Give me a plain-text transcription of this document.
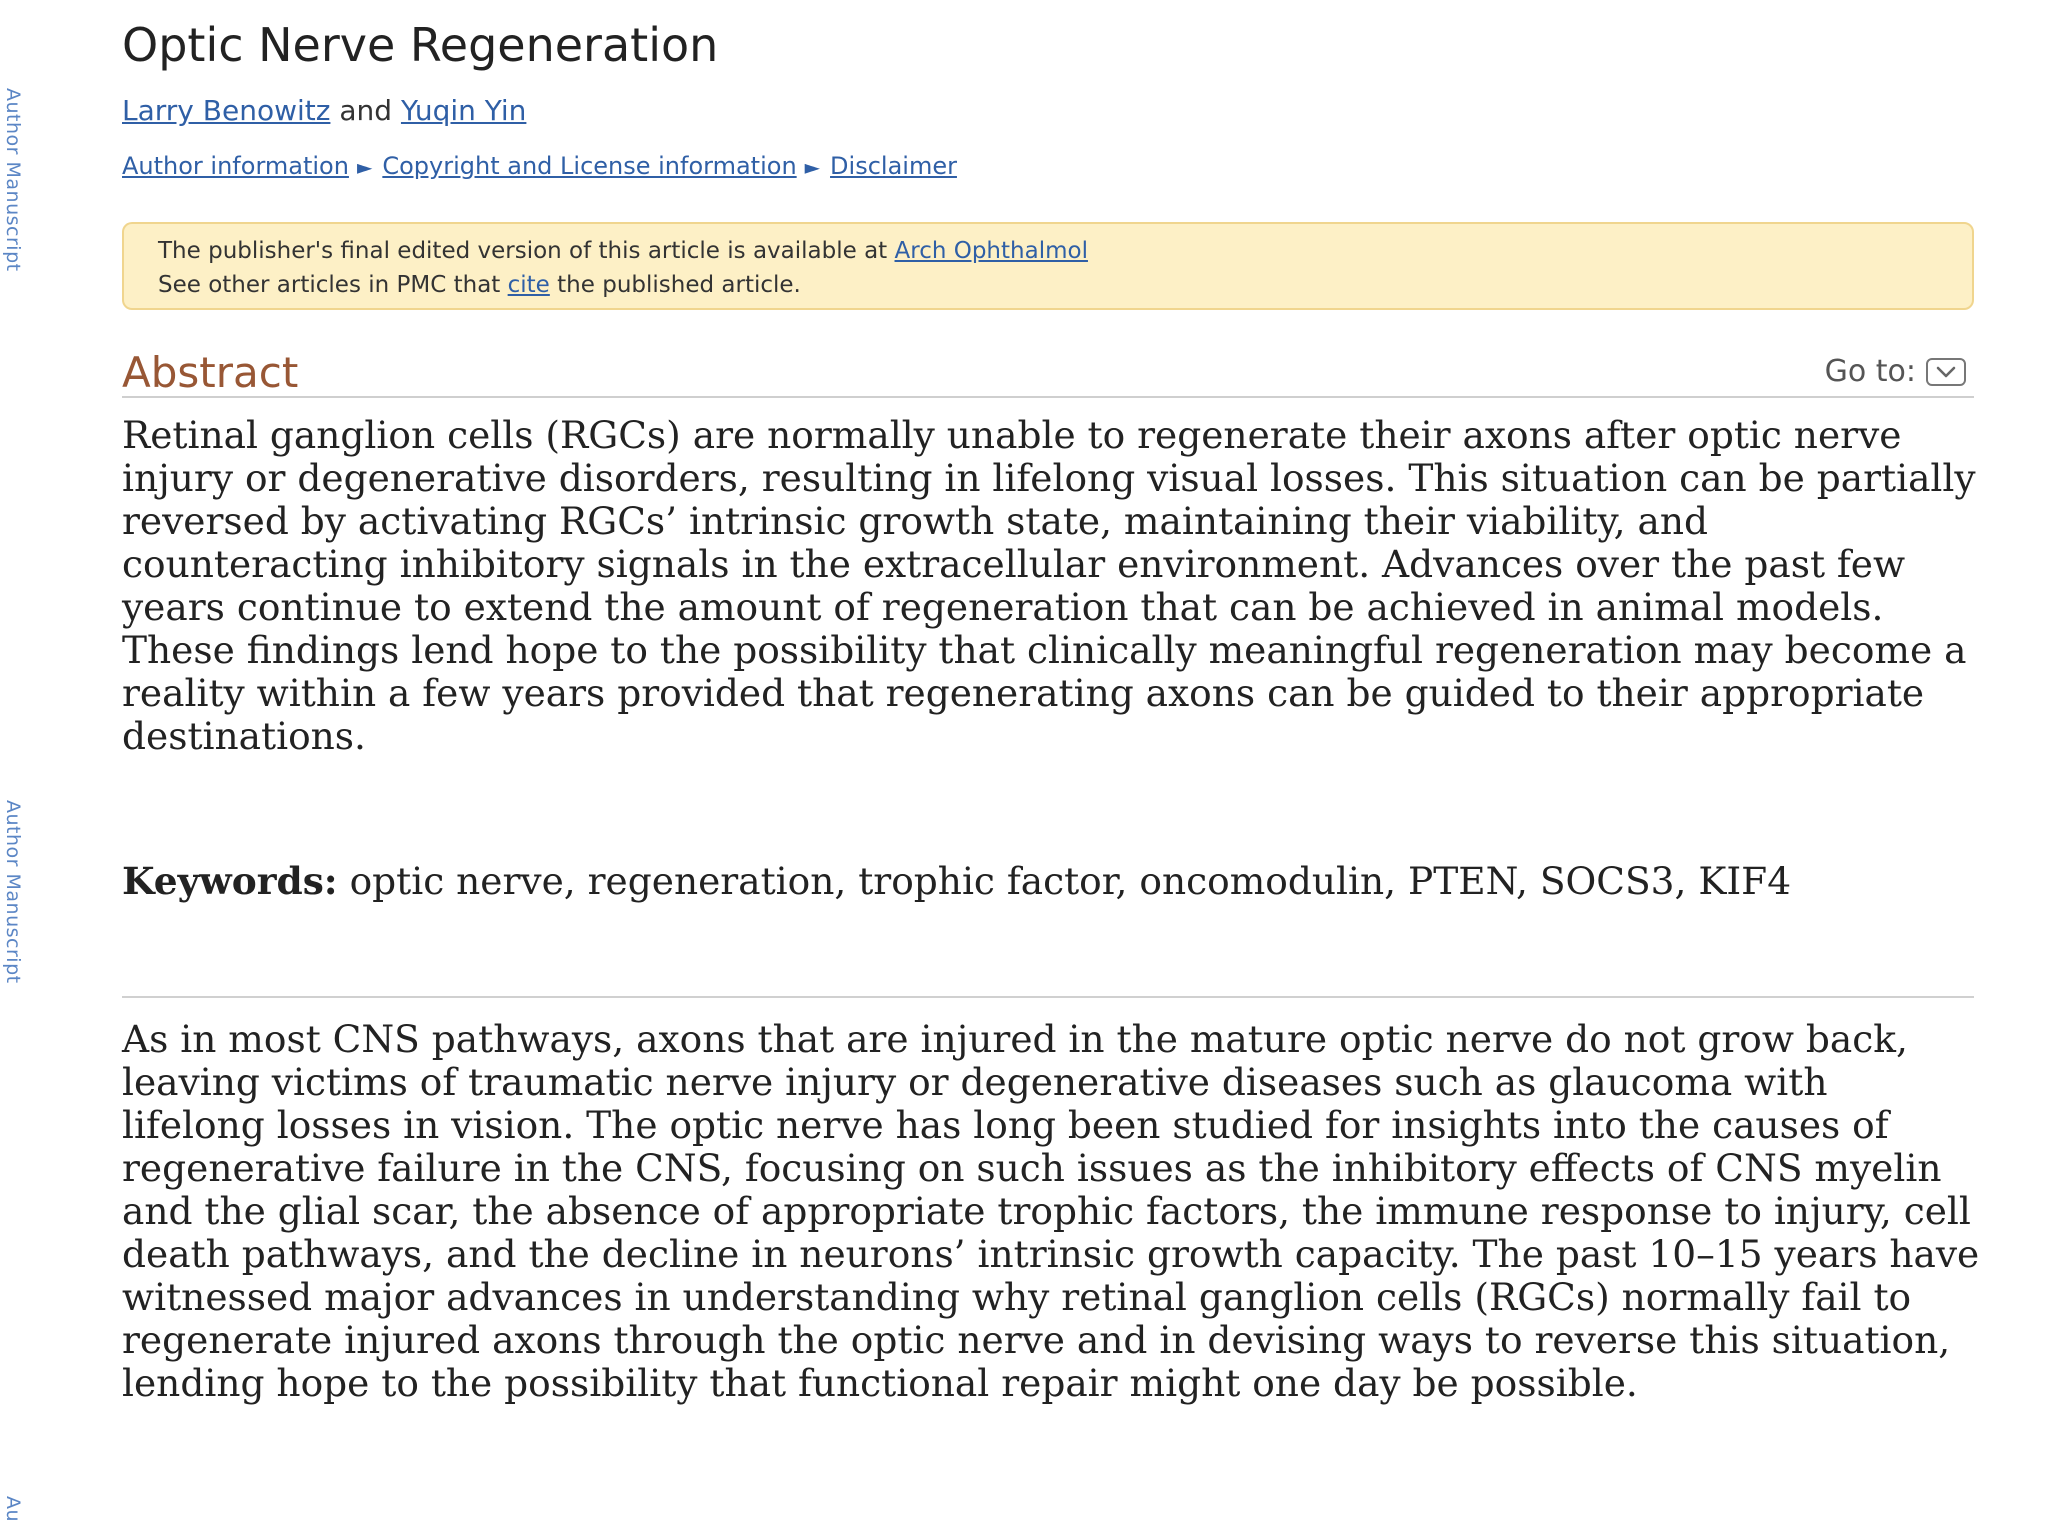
Author Manuscript
Author Manuscript
Au
Optic Nerve Regeneration
Larry Benowitz and Yuqin Yin
Author information ► Copyright and License information ► Disclaimer
The publisher's final edited version of this article is available at Arch Ophthalmol
See other articles in PMC that cite the published article.
Abstract	Go to:

Retinal ganglion cells (RGCs) are normally unable to regenerate their axons after optic nerve injury or degenerative disorders, resulting in lifelong visual losses. This situation can be partially reversed by activating RGCs’ intrinsic growth state, maintaining their viability, and counteracting inhibitory signals in the extracellular environment. Advances over the past few years continue to extend the amount of regeneration that can be achieved in animal models. These findings lend hope to the possibility that clinically meaningful regeneration may become a reality within a few years provided that regenerating axons can be guided to their appropriate destinations.

Keywords: optic nerve, regeneration, trophic factor, oncomodulin, PTEN, SOCS3, KIF4

As in most CNS pathways, axons that are injured in the mature optic nerve do not grow back, leaving victims of traumatic nerve injury or degenerative diseases such as glaucoma with lifelong losses in vision. The optic nerve has long been studied for insights into the causes of regenerative failure in the CNS, focusing on such issues as the inhibitory effects of CNS myelin and the glial scar, the absence of appropriate trophic factors, the immune response to injury, cell death pathways, and the decline in neurons’ intrinsic growth capacity. The past 10–15 years have witnessed major advances in understanding why retinal ganglion cells (RGCs) normally fail to regenerate injured axons through the optic nerve and in devising ways to reverse this situation, lending hope to the possibility that functional repair might one day be possible.
